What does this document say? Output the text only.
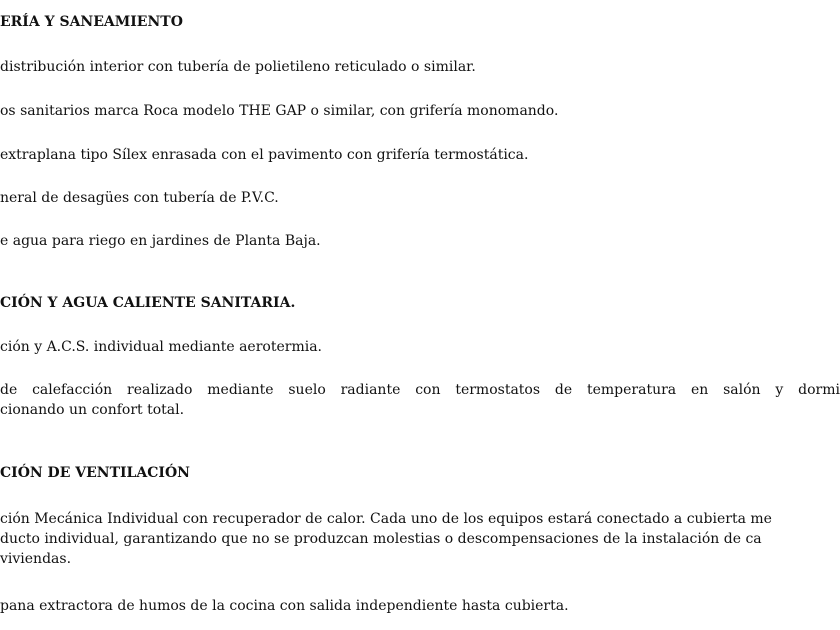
ERÍA Y SANEAMIENTO
distribución interior con tubería de polietileno reticulado o similar.
os sanitarios marca Roca modelo THE GAP o similar, con grifería monomando.
extraplana tipo Sílex enrasada con el pavimento con grifería termostática.
neral de desagües con tubería de P.V.C.
e agua para riego en jardines de Planta Baja.
CIÓN Y AGUA CALIENTE SANITARIA.
ción y A.C.S. individual mediante aerotermia.
de calefacción realizado mediante suelo radiante con termostatos de temperatura en salón y dormi
cionando un confort total.
CIÓN DE VENTILACIÓN
ción Mecánica Individual con recuperador de calor. Cada uno de los equipos estará conectado a cubierta me
ducto individual, garantizando que no se produzcan molestias o descompensaciones de la instalación de ca
viviendas.
pana extractora de humos de la cocina con salida independiente hasta cubierta.
